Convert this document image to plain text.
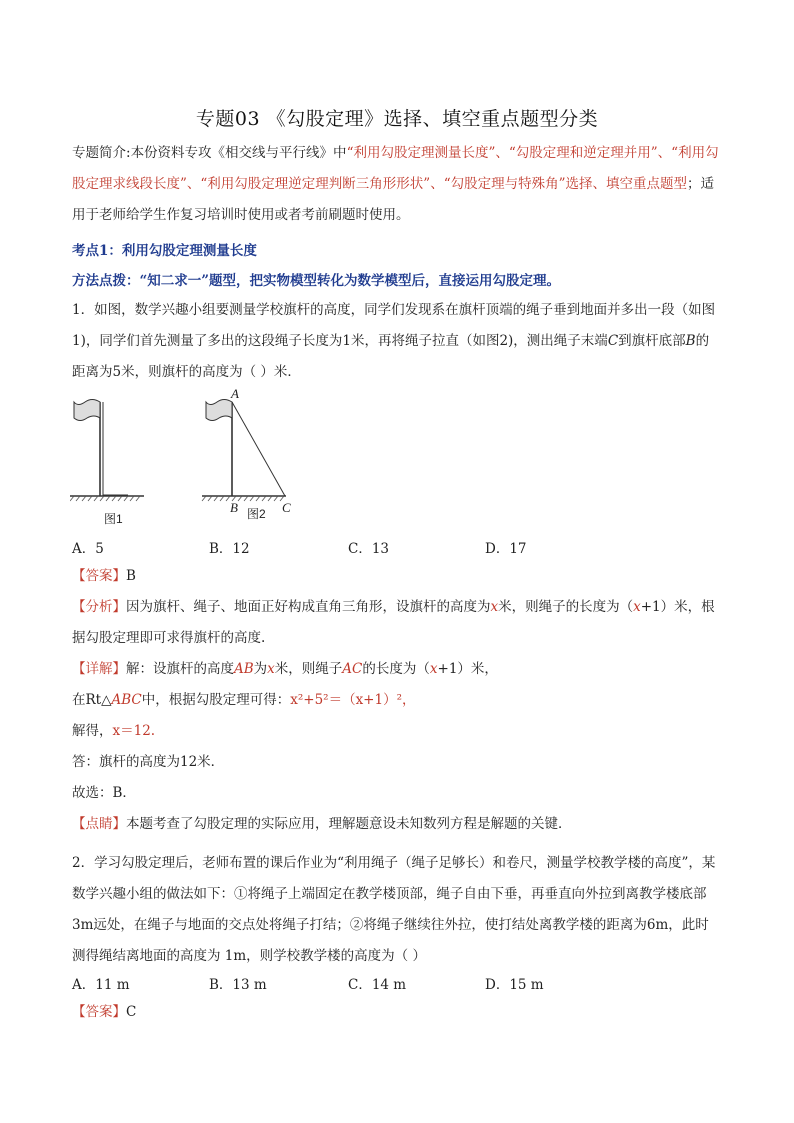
专题03 《勾股定理》选择、填空重点题型分类
专题简介:本份资料专攻《相交线与平行线》中“利用勾股定理测量长度”、“勾股定理和逆定理并用”、“利用勾股定理求线段长度”、“利用勾股定理逆定理判断三角形形状”、“勾股定理与特殊角”选择、填空重点题型；适用于老师给学生作复习培训时使用或者考前刷题时使用。
考点1：利用勾股定理测量长度
方法点拨：“知二求一”题型，把实物模型转化为数学模型后，直接运用勾股定理。
1．如图，数学兴趣小组要测量学校旗杆的高度，同学们发现系在旗杆顶端的绳子垂到地面并多出一段（如图1)，同学们首先测量了多出的这段绳子长度为1米，再将绳子拉直（如图2)，测出绳子末端C到旗杆底部B的距离为5米，则旗杆的高度为（ ）米．
A
B	C
图1	图2
A．5	B．12	C．13	D．17
【答案】B
【分析】因为旗杆、绳子、地面正好构成直角三角形，设旗杆的高度为x米，则绳子的长度为（x+1）米，根据勾股定理即可求得旗杆的高度.
【详解】解：设旗杆的高度AB为x米，则绳子AC的长度为（x+1）米，
在Rt△ABC中，根据勾股定理可得：x²+5²＝（x+1）²，
解得，x＝12.
答：旗杆的高度为12米．
故选：B．
【点睛】本题考查了勾股定理的实际应用，理解题意设未知数列方程是解题的关键．
2．学习勾股定理后，老师布置的课后作业为“利用绳子（绳子足够长）和卷尺，测量学校教学楼的高度”，某数学兴趣小组的做法如下：①将绳子上端固定在教学楼顶部，绳子自由下垂，再垂直向外拉到离教学楼底部3m远处，在绳子与地面的交点处将绳子打结；②将绳子继续往外拉，使打结处离教学楼的距离为6m，此时测得绳结离地面的高度为 1m，则学校教学楼的高度为（ ）
A．11 m	B．13 m	C．14 m	D．15 m
【答案】C
